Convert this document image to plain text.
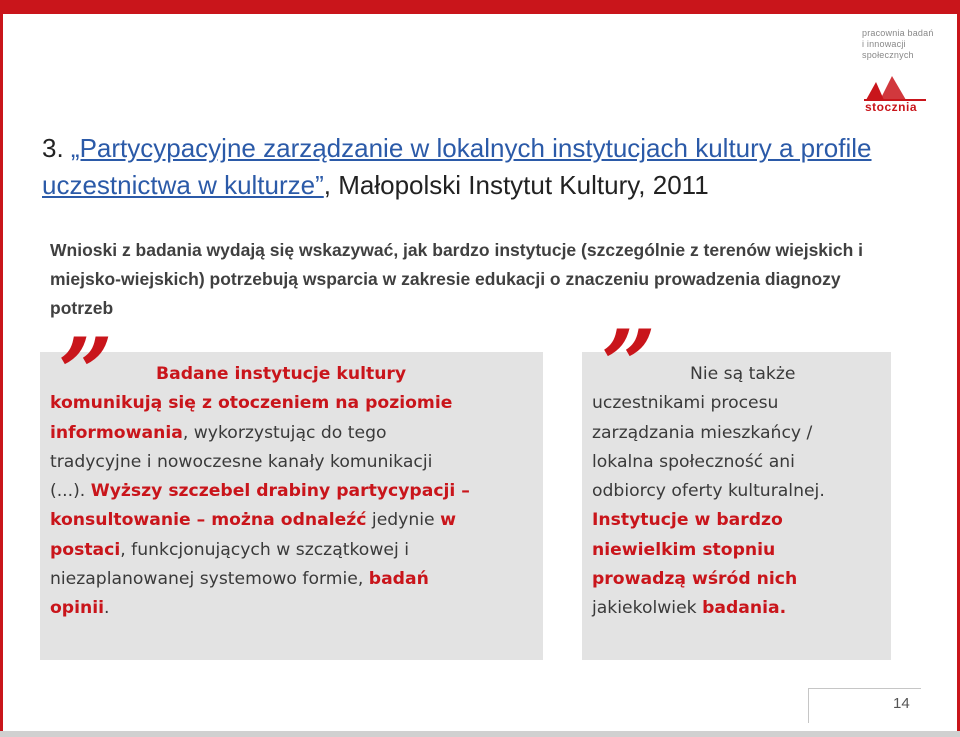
pracownia badań
i innowacji
społecznych
stocznia
3. „Partycypacyjne zarządzanie w lokalnych instytucjach kultury a profile uczestnictwa w kulturze”, Małopolski Instytut Kultury, 2011
Wnioski z badania wydają się wskazywać, jak bardzo instytucje (szczególnie z terenów wiejskich i miejsko-wiejskich) potrzebują wsparcia w zakresie edukacji o znaczeniu prowadzenia diagnozy potrzeb
”	”
Badane instytucje kultury
komunikują się z otoczeniem na poziomie
informowania, wykorzystując do tego
tradycyjne i nowoczesne kanały komunikacji
(...). Wyższy szczebel drabiny partycypacji –
konsultowanie – można odnaleźć jedynie w
postaci, funkcjonujących w szczątkowej i
niezaplanowanej systemowo formie, badań
opinii.
Nie są także
uczestnikami procesu
zarządzania mieszkańcy /
lokalna społeczność ani
odbiorcy oferty kulturalnej.
Instytucje w bardzo
niewielkim stopniu
prowadzą wśród nich
jakiekolwiek badania.
14
